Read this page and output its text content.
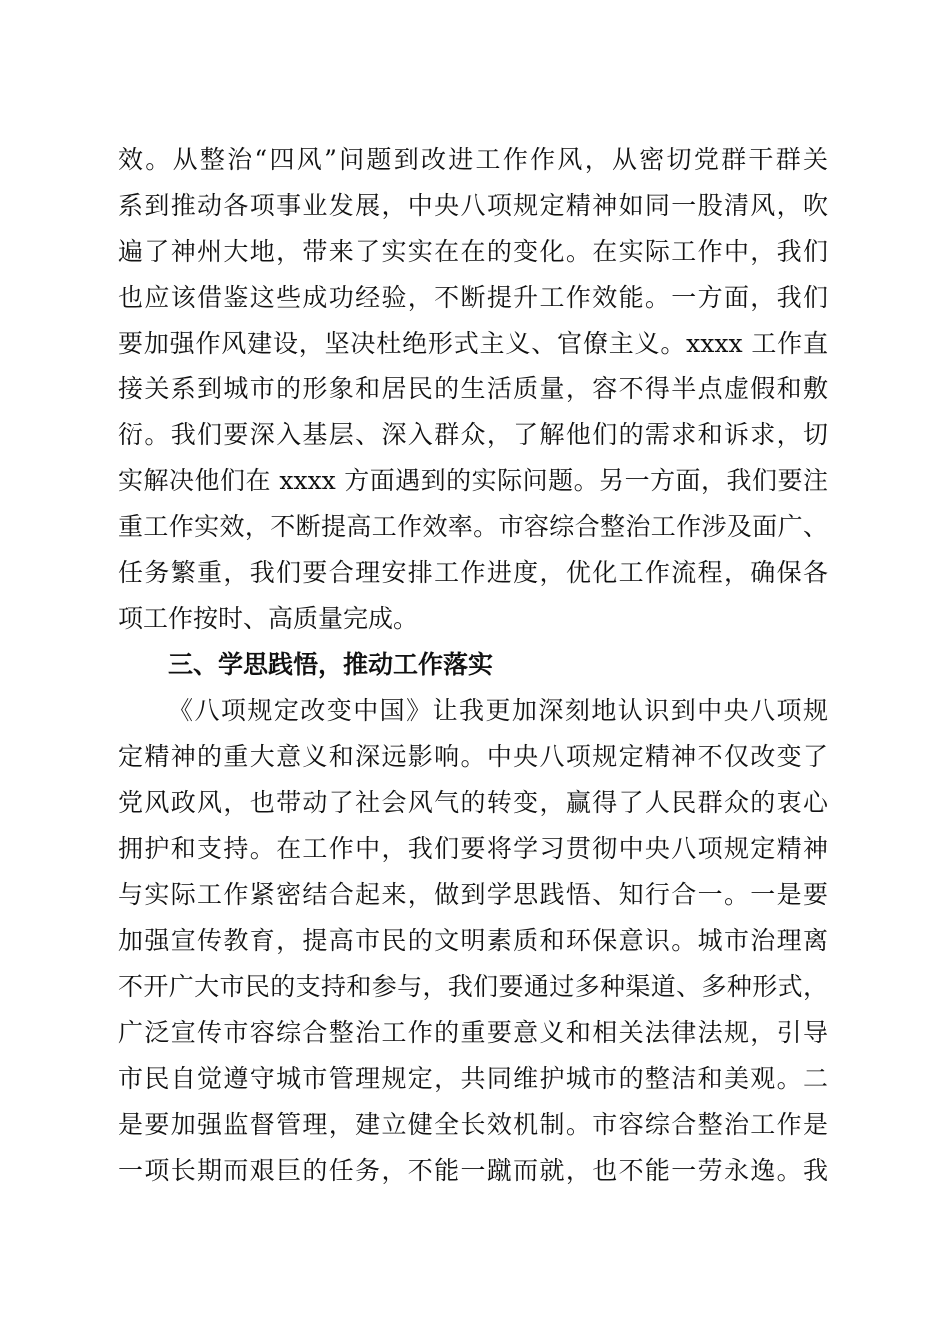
效。从整治“四风”问题到改进工作作风，从密切党群干群关
系到推动各项事业发展，中央八项规定精神如同一股清风，吹
遍了神州大地，带来了实实在在的变化。在实际工作中，我们
也应该借鉴这些成功经验，不断提升工作效能。一方面，我们
要加强作风建设，坚决杜绝形式主义、官僚主义。xxxx 工作直
接关系到城市的形象和居民的生活质量，容不得半点虚假和敷
衍。我们要深入基层、深入群众，了解他们的需求和诉求，切
实解决他们在 xxxx 方面遇到的实际问题。另一方面，我们要注
重工作实效，不断提高工作效率。市容综合整治工作涉及面广、
任务繁重，我们要合理安排工作进度，优化工作流程，确保各
项工作按时、高质量完成。
三、学思践悟，推动工作落实
《八项规定改变中国》让我更加深刻地认识到中央八项规
定精神的重大意义和深远影响。中央八项规定精神不仅改变了
党风政风，也带动了社会风气的转变，赢得了人民群众的衷心
拥护和支持。在工作中，我们要将学习贯彻中央八项规定精神
与实际工作紧密结合起来，做到学思践悟、知行合一。一是要
加强宣传教育，提高市民的文明素质和环保意识。城市治理离
不开广大市民的支持和参与，我们要通过多种渠道、多种形式，
广泛宣传市容综合整治工作的重要意义和相关法律法规，引导
市民自觉遵守城市管理规定，共同维护城市的整洁和美观。二
是要加强监督管理，建立健全长效机制。市容综合整治工作是
一项长期而艰巨的任务，不能一蹴而就，也不能一劳永逸。我
